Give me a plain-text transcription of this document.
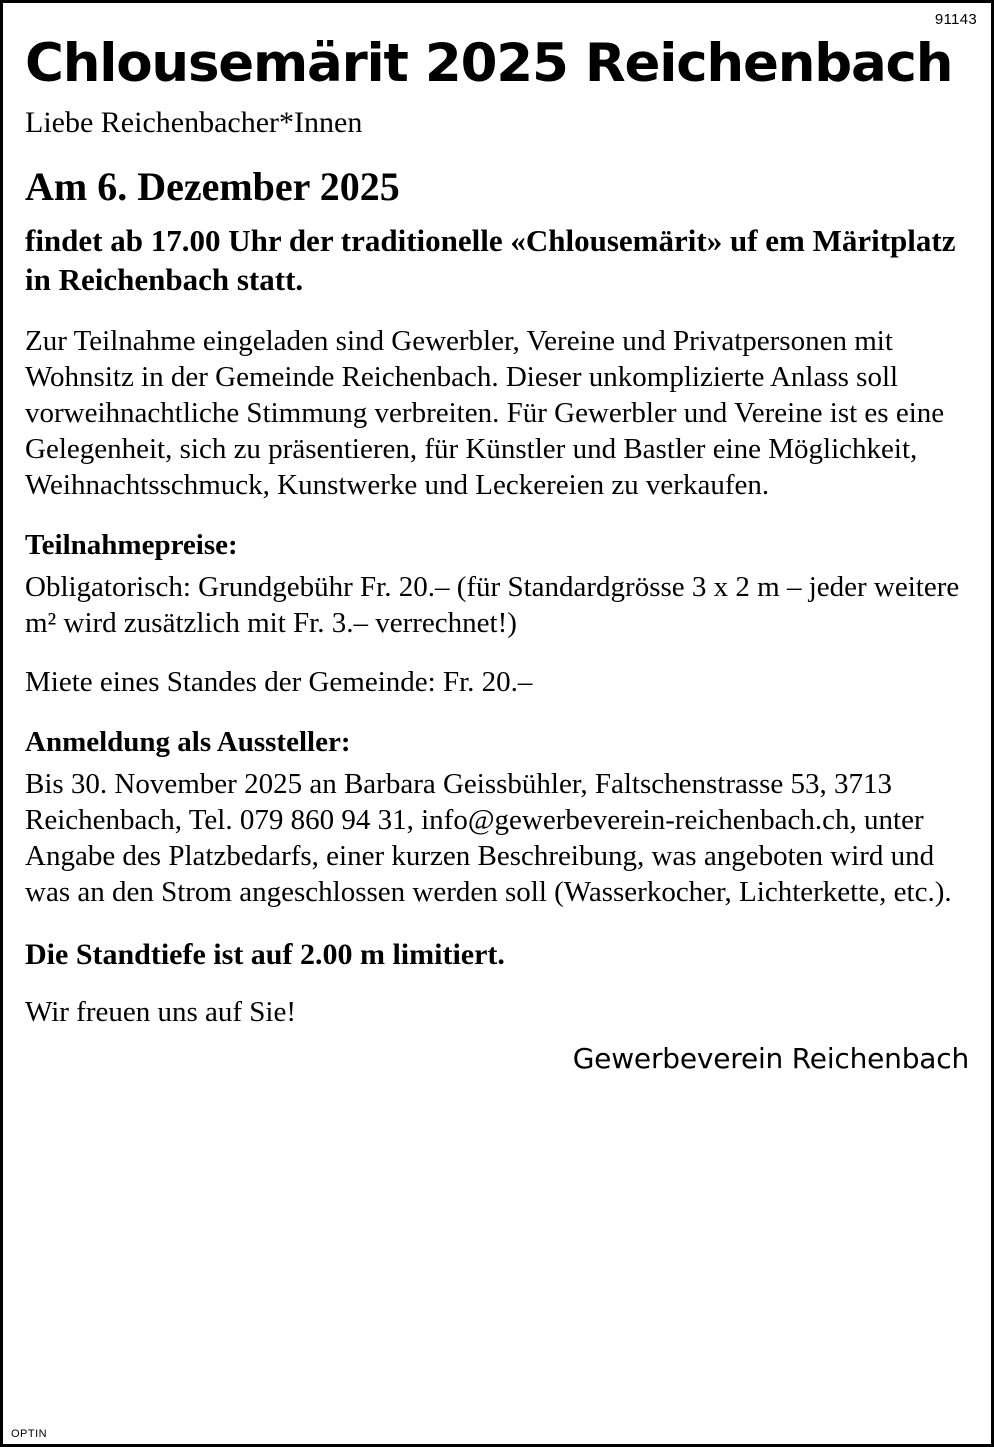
91143
Chlousemärit 2025 Reichenbach

Liebe Reichenbacher*Innen

Am 6. Dezember 2025

findet ab 17.00 Uhr der traditionelle «Chlousemärit» uf em Märitplatz in Reichenbach statt.

Zur Teilnahme eingeladen sind Gewerbler, Vereine und Privatpersonen mit Wohnsitz in der Gemeinde Reichenbach. Dieser unkomplizierte Anlass soll vorweihnachtliche Stimmung verbreiten. Für Gewerbler und Vereine ist es eine Gelegenheit, sich zu präsentieren, für Künstler und Bastler eine Möglichkeit, Weihnachtsschmuck, Kunstwerke und Leckereien zu verkaufen.

Teilnahmepreise:

Obligatorisch: Grundgebühr Fr. 20.– (für Standardgrösse 3 x 2 m – jeder weitere m² wird zusätzlich mit Fr. 3.– verrechnet!)

Miete eines Standes der Gemeinde: Fr. 20.–

Anmeldung als Aussteller:

Bis 30. November 2025 an Barbara Geissbühler, Faltschenstrasse 53, 3713 Reichenbach, Tel. 079 860 94 31, info@gewerbeverein-reichenbach.ch, unter Angabe des Platzbedarfs, einer kurzen Beschreibung, was angeboten wird und was an den Strom angeschlossen werden soll (Wasserkocher, Lichterkette, etc.).

Die Standtiefe ist auf 2.00 m limitiert.

Wir freuen uns auf Sie!

Gewerbeverein Reichenbach

OPTIN
